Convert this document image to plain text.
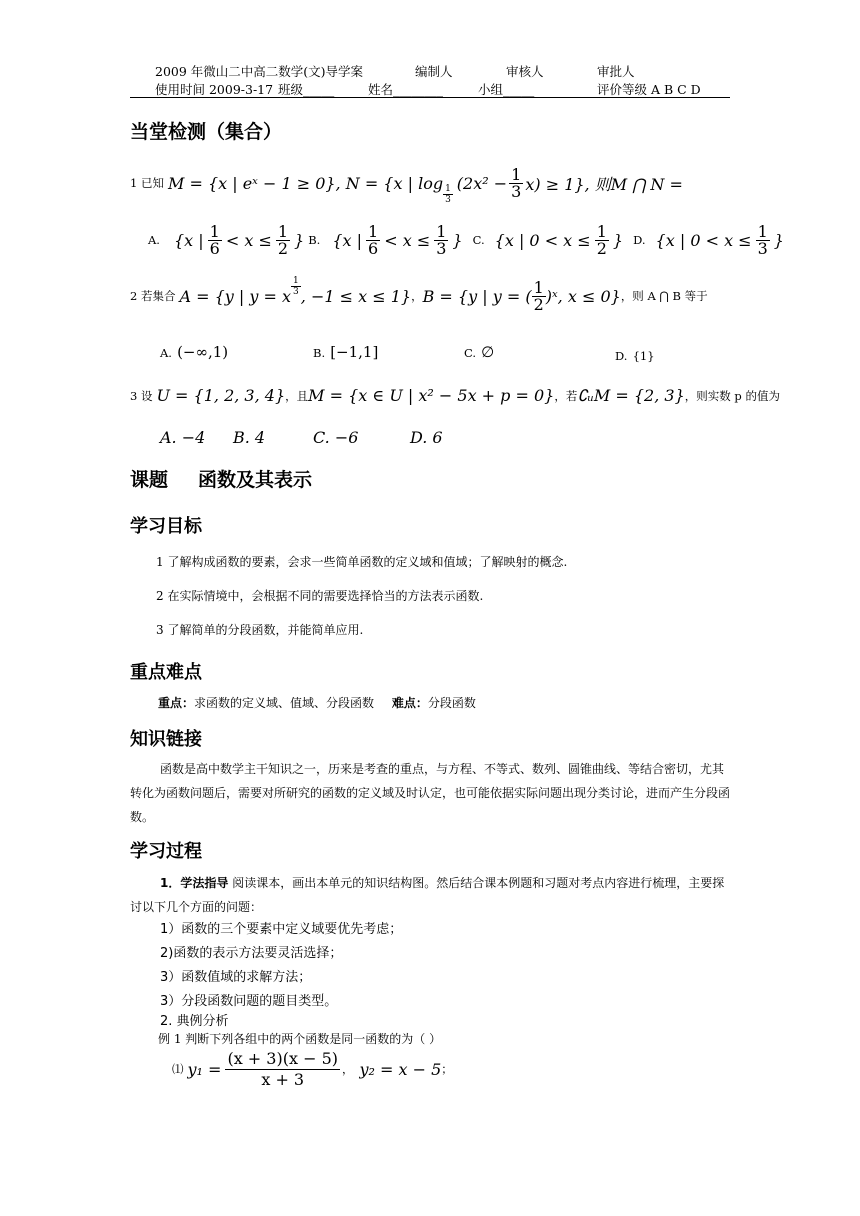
2009 年微山二中高二数学(文)导学案	编制人	审核人	审批人
使用时间 2009-3-17 班级_____	姓名________	小组_____	评价等级 A B C D
当堂检测（集合）
1 已知 M = {x | eˣ − 1 ≥ 0}, N = {x | log
$\frac{1}{3}$
$(2x^2 - \frac{1}{3} x) \ge 1$}, 则M ⋂ N =
A. {x | $\frac{1}{6} < x \le \frac{1}{2}$ } B. {x | $\frac{1}{6} < x \le \frac{1}{3}$ } C. {x | $0 < x \le \frac{1}{2}$ } D. {x | $0 < x \le \frac{1}{3}$ }
2 若集合 A = {y | y = x $\frac{1}{3}$ , −1 ≤ x ≤ 1} ， B = {y | y = ( $\frac{1}{2}$ )ˣ, x ≤ 0} ，则 A ⋂ B 等于
A. (−∞,1)	B. [−1,1]	C. ∅	D. {1}
3 设 U = {1, 2, 3, 4} ，且 M = {x ∈ U | x² − 5x + p = 0} ，若 ∁ᵤM = {2, 3} ，则实数 p 的值为
A. −4 B. 4	C. −6	D. 6
课题 函数及其表示
学习目标
1 了解构成函数的要素，会求一些简单函数的定义域和值域；了解映射的概念.
2 在实际情境中，会根据不同的需要选择恰当的方法表示函数.
3 了解简单的分段函数，并能简单应用.
重点难点
重点：求函数的定义域、值域、分段函数 难点：分段函数
知识链接
函数是高中数学主干知识之一，历来是考查的重点，与方程、不等式、数列、圆锥曲线、等结合密切，尤其转化为函数问题后，需要对所研究的函数的定义域及时认定，也可能依据实际问题出现分类讨论，进而产生分段函数。
学习过程
1．学法指导 阅读课本，画出本单元的知识结构图。然后结合课本例题和习题对考点内容进行梳理，主要探讨以下几个方面的问题：
1）函数的三个要素中定义域要优先考虑；
2)函数的表示方法要灵活选择；
3）函数值域的求解方法；
3）分段函数问题的题目类型。
2. 典例分析
例 1 判断下列各组中的两个函数是同一函数的为（ ）
⑴ $y_1 = \frac{(x + 3)(x - 5)}{x + 3}$ ， y₂ = x − 5 ；
